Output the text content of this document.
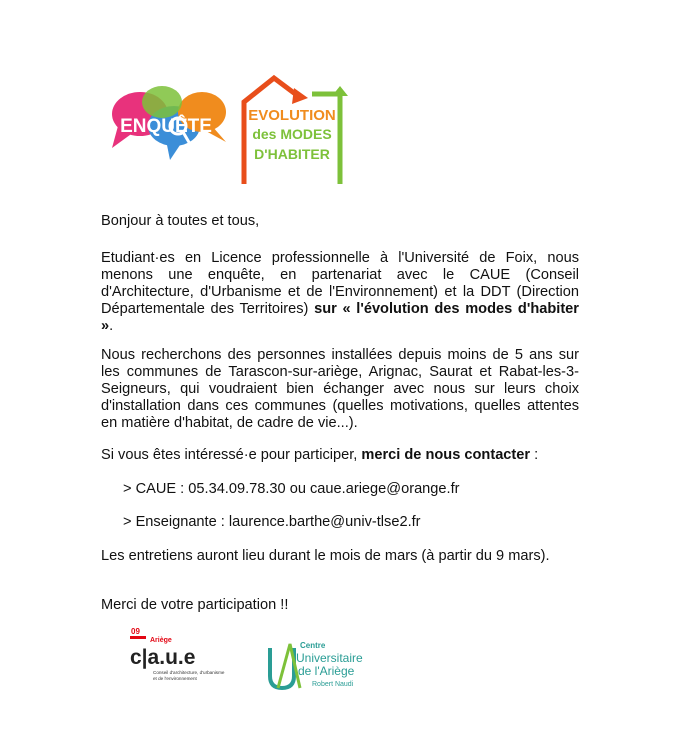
ENQUÊTE
EVOLUTION
des MODES
D'HABITER
Bonjour à toutes et tous,
Etudiant·es en Licence professionnelle à l'Université de Foix, nous menons une enquête, en partenariat avec le CAUE (Conseil d'Architecture, d'Urbanisme et de l'Environnement) et la DDT (Direction Départementale des Territoires) sur « l'évolution des modes d'habiter ».
Nous recherchons des personnes installées depuis moins de 5 ans sur les communes de Tarascon-sur-ariège, Arignac, Saurat et Rabat-les-3-Seigneurs, qui voudraient bien échanger avec nous sur leurs choix d'installation dans ces communes (quelles motivations, quelles attentes en matière d'habitat, de cadre de vie...).
Si vous êtes intéressé·e pour participer, merci de nous contacter :
> CAUE : 05.34.09.78.30 ou caue.ariege@orange.fr
> Enseignante : laurence.barthe@univ-tlse2.fr
Les entretiens auront lieu durant le mois de mars (à partir du 9 mars).
Merci de votre participation !!
09
Ariège
c|a.u.e
Conseil d'architecture, d'urbanisme
et de l'environnement
Centre
Universitaire
de l'Ariège
Robert Naudi
